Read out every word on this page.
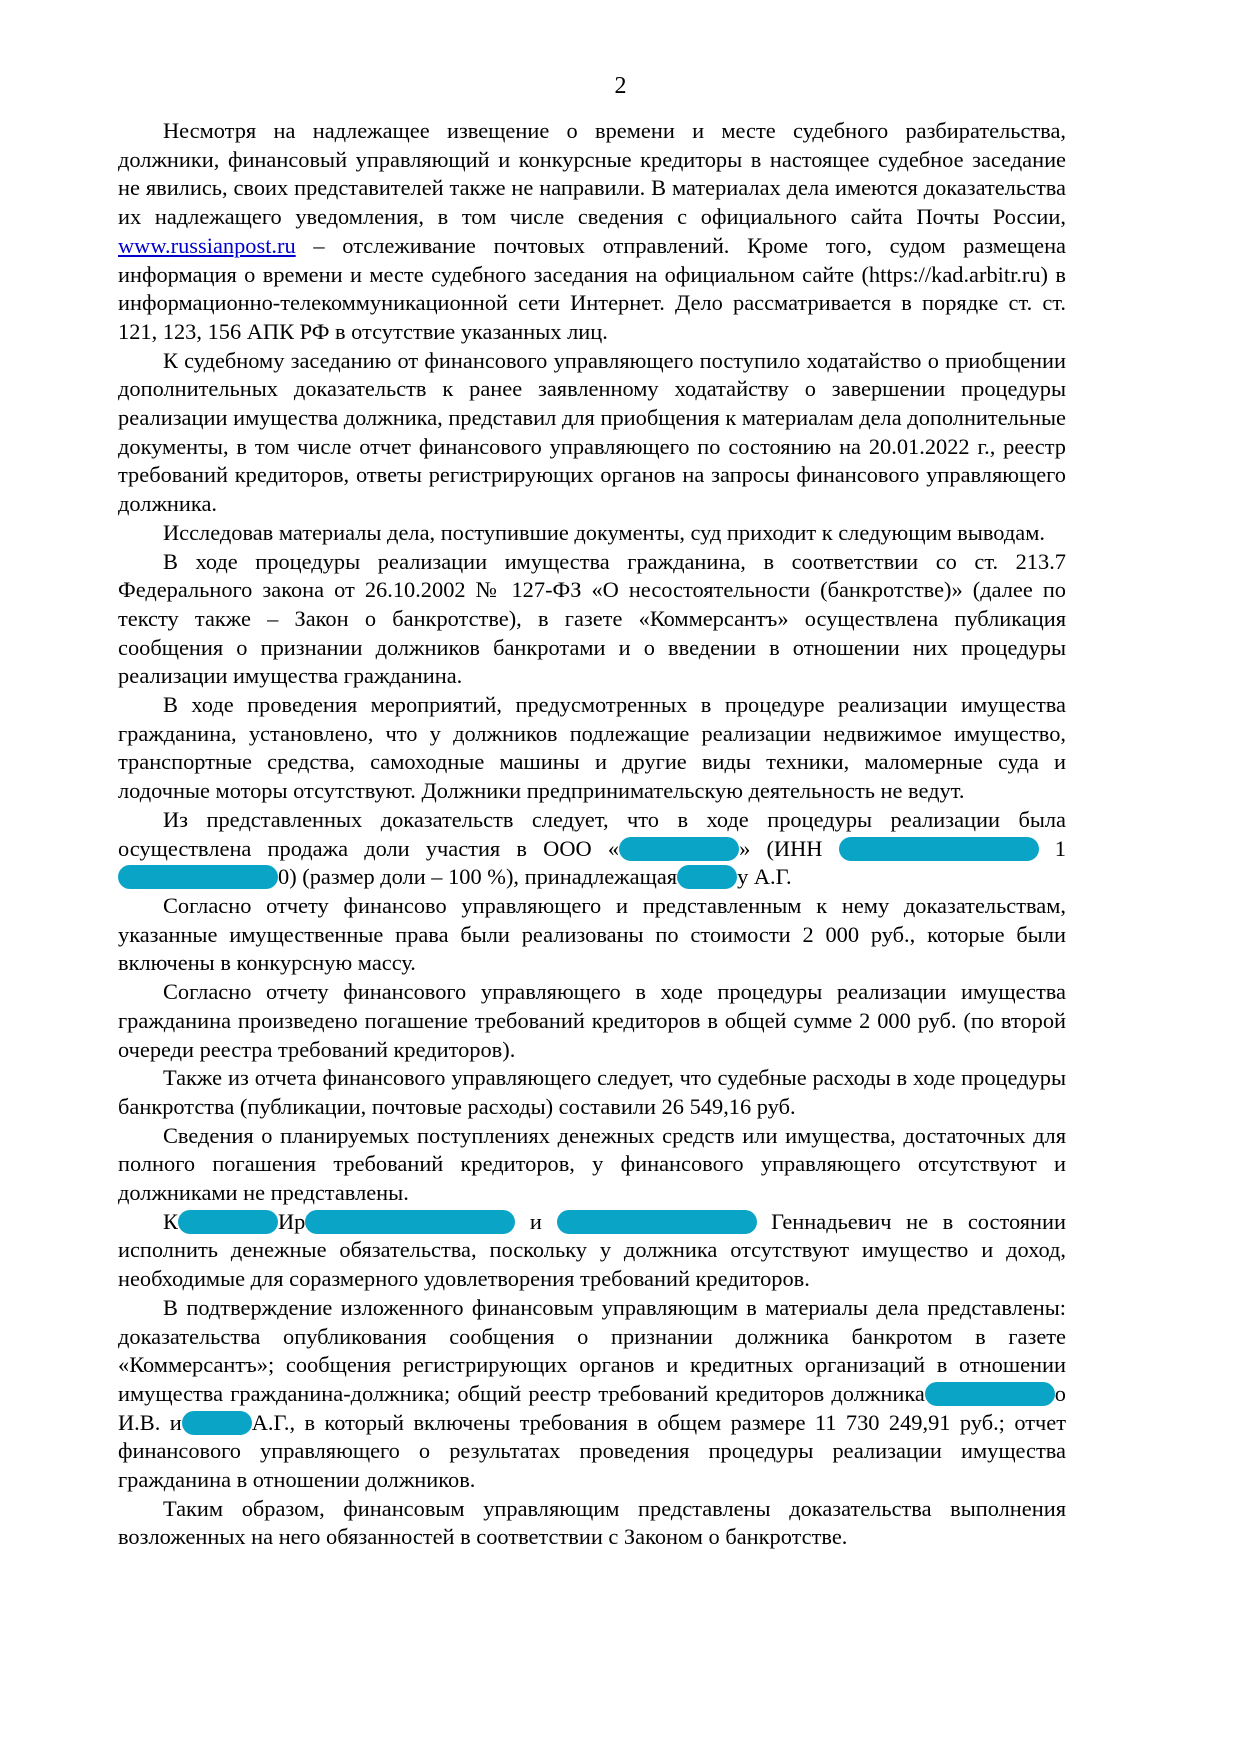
2

Несмотря на надлежащее извещение о времени и месте судебного разбирательства, должники, финансовый управляющий и конкурсные кредиторы в настоящее судебное заседание не явились, своих представителей также не направили. В материалах дела имеются доказательства их надлежащего уведомления, в том числе сведения с официального сайта Почты России, www.russianpost.ru – отслеживание почтовых отправлений. Кроме того, судом размещена информация о времени и месте судебного заседания на официальном сайте (https://kad.arbitr.ru) в информационно-телекоммуникационной сети Интернет. Дело рассматривается в порядке ст. ст. 121, 123, 156 АПК РФ в отсутствие указанных лиц.

К судебному заседанию от финансового управляющего поступило ходатайство о приобщении дополнительных доказательств к ранее заявленному ходатайству о завершении процедуры реализации имущества должника, представил для приобщения к материалам дела дополнительные документы, в том числе отчет финансового управляющего по состоянию на 20.01.2022 г., реестр требований кредиторов, ответы регистрирующих органов на запросы финансового управляющего должника.

Исследовав материалы дела, поступившие документы, суд приходит к следующим выводам.

В ходе процедуры реализации имущества гражданина, в соответствии со ст. 213.7 Федерального закона от 26.10.2002 № 127-ФЗ «О несостоятельности (банкротстве)» (далее по тексту также – Закон о банкротстве), в газете «Коммерсантъ» осуществлена публикация сообщения о признании должников банкротами и о введении в отношении них процедуры реализации имущества гражданина.

В ходе проведения мероприятий, предусмотренных в процедуре реализации имущества гражданина, установлено, что у должников подлежащие реализации недвижимое имущество, транспортные средства, самоходные машины и другие виды техники, маломерные суда и лодочные моторы отсутствуют. Должники предпринимательскую деятельность не ведут.

Из представленных доказательств следует, что в ходе процедуры реализации была осуществлена продажа доли участия в ООО «	» (ИНН	10) (размер доли – 100 %), принадлежащая	у А.Г.

Согласно отчету финансово управляющего и представленным к нему доказательствам, указанные имущественные права были реализованы по стоимости 2 000 руб., которые были включены в конкурсную массу.

Согласно отчету финансового управляющего в ходе процедуры реализации имущества гражданина произведено погашение требований кредиторов в общей сумме 2 000 руб. (по второй очереди реестра требований кредиторов).

Также из отчета финансового управляющего следует, что судебные расходы в ходе процедуры банкротства (публикации, почтовые расходы) составили 26 549,16 руб.

Сведения о планируемых поступлениях денежных средств или имущества, достаточных для полного погашения требований кредиторов, у финансового управляющего отсутствуют и должниками не представлены.

К	Ир	и	Геннадьевич не в состоянии исполнить денежные обязательства, поскольку у должника отсутствуют имущество и доход, необходимые для соразмерного удовлетворения требований кредиторов.

В подтверждение изложенного финансовым управляющим в материалы дела представлены: доказательства опубликования сообщения о признании должника банкротом в газете «Коммерсантъ»; сообщения регистрирующих органов и кредитных организаций в отношении имущества гражданина-должника; общий реестр требований кредиторов должника	о И.В. и	А.Г., в который включены требования в общем размере 11 730 249,91 руб.; отчет финансового управляющего о результатах проведения процедуры реализации имущества гражданина в отношении должников.

Таким образом, финансовым управляющим представлены доказательства выполнения возложенных на него обязанностей в соответствии с Законом о банкротстве.
